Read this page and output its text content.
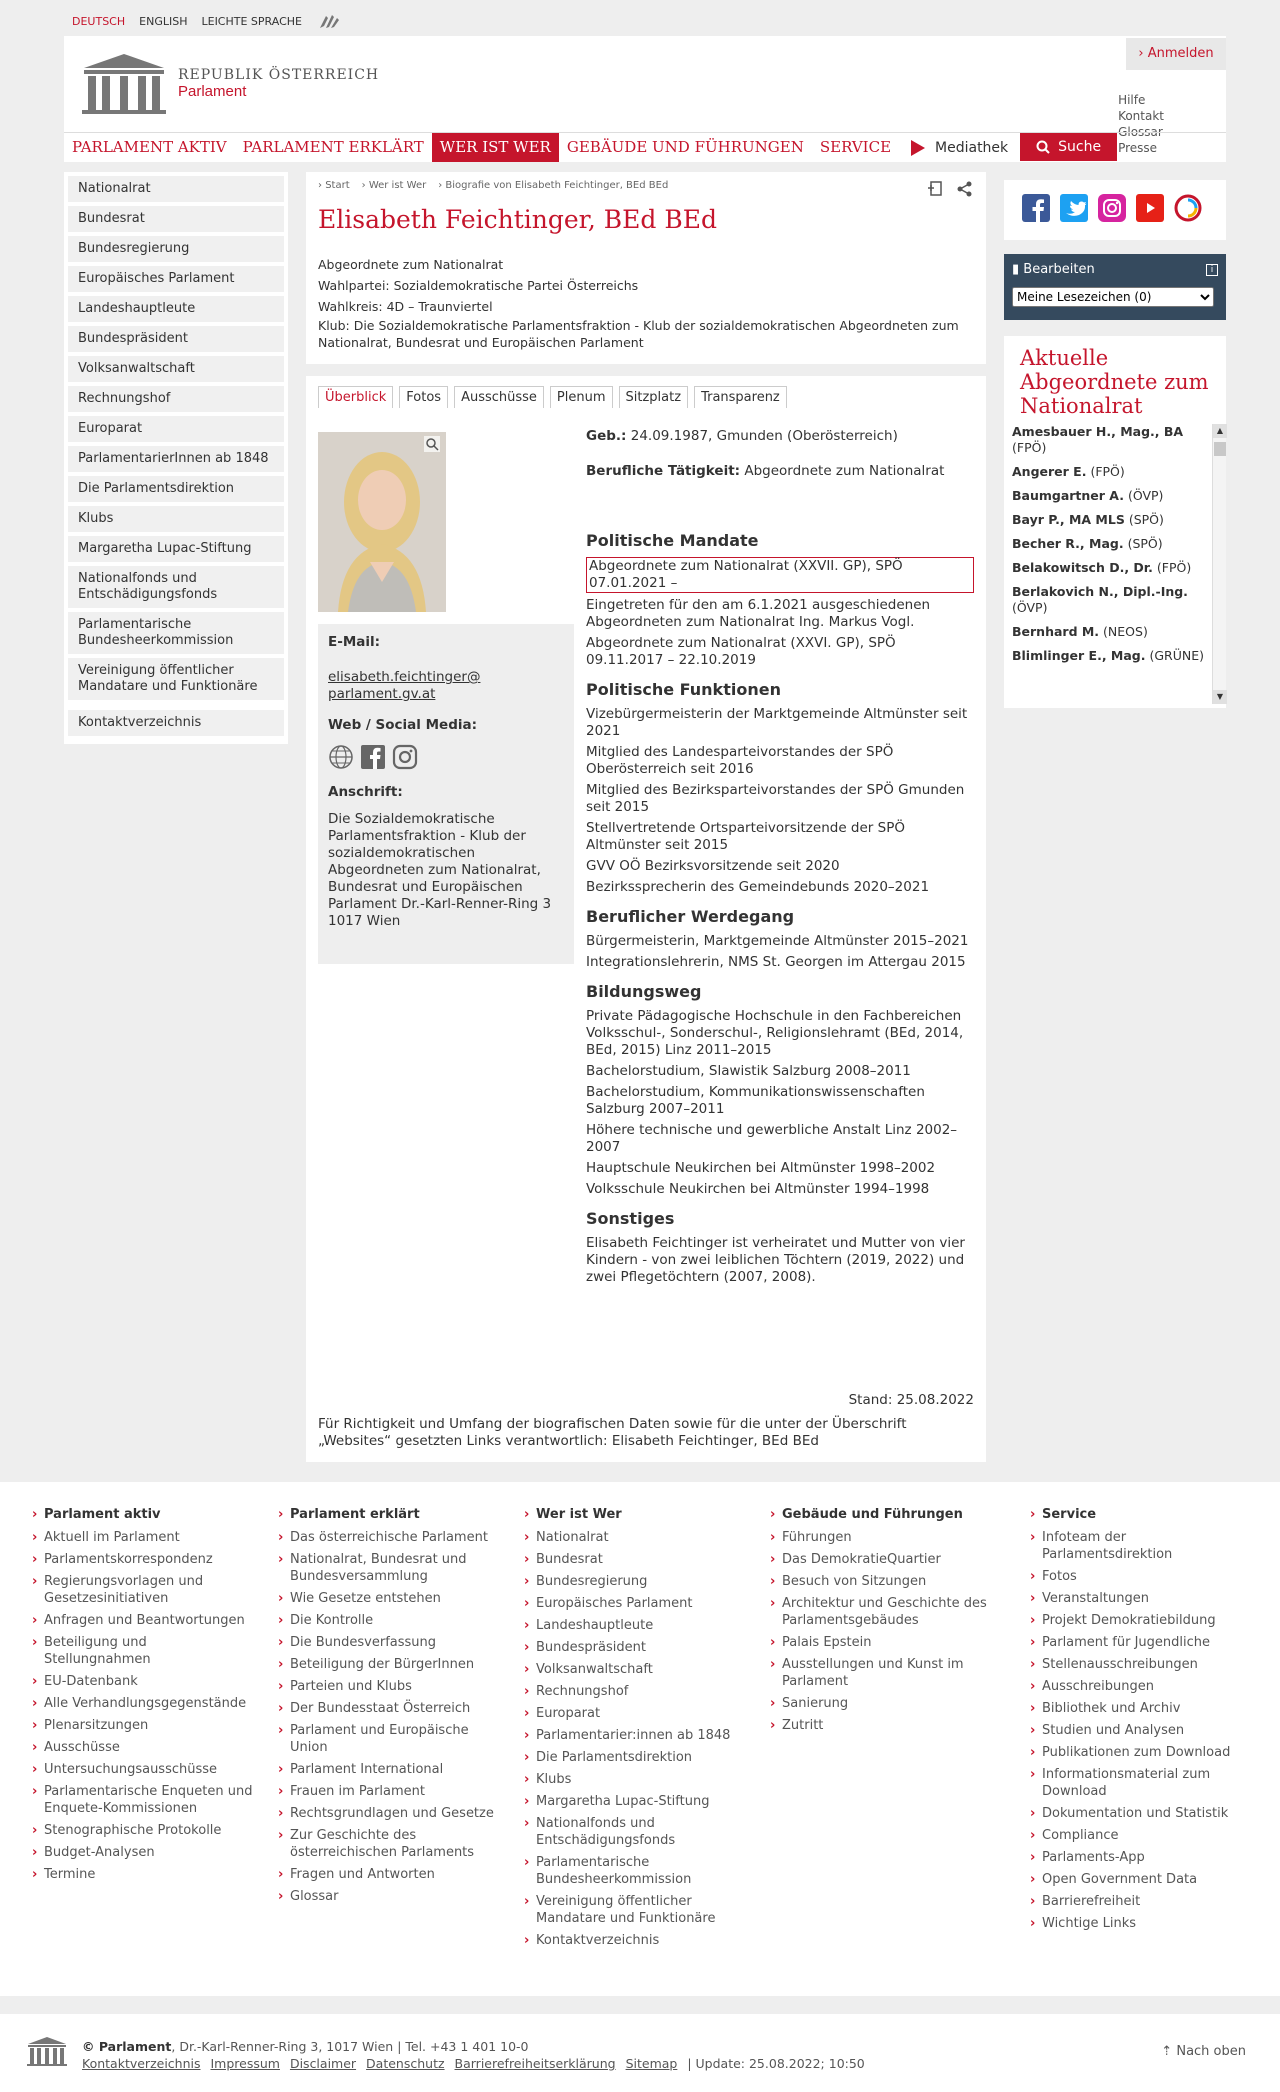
DEUTSCH ENGLISH LEICHTE SPRACHE
REPUBLIK ÖSTERREICH
Parlament
› Anmelden
Hilfe
Kontakt
Glossar
Presse
PARLAMENT AKTIV	PARLAMENT ERKLÄRT	WER IST WER	GEBÄUDE UND FÜHRUNGEN	SERVICE	Mediathek	Suche
Nationalrat
Bundesrat
Bundesregierung
Europäisches Parlament
Landeshauptleute
Bundespräsident
Volksanwaltschaft
Rechnungshof
Europarat
ParlamentarierInnen ab 1848
Die Parlamentsdirektion
Klubs
Margaretha Lupac-Stiftung
Nationalfonds und Entschädigungsfonds
Parlamentarische Bundesheerkommission
Vereinigung öffentlicher Mandatare und Funktionäre
Kontaktverzeichnis
› Start	› Wer ist Wer	› Biografie von Elisabeth Feichtinger, BEd BEd
Elisabeth Feichtinger, BEd BEd
Abgeordnete zum Nationalrat
Wahlpartei: Sozialdemokratische Partei Österreichs
Wahlkreis: 4D – Traunviertel
Klub: Die Sozialdemokratische Parlamentsfraktion - Klub der sozialdemokratischen Abgeordneten zum Nationalrat, Bundesrat und Europäischen Parlament
Überblick	Fotos	Ausschüsse	Plenum	Sitzplatz	Transparenz
E-Mail:
elisabeth.feichtinger@ parlament.gv.at
Web / Social Media:
Anschrift:
Die Sozialdemokratische Parlamentsfraktion - Klub der sozialdemokratischen Abgeordneten zum Nationalrat, Bundesrat und Europäischen Parlament Dr.-Karl-Renner-Ring 3 1017 Wien
Geb.: 24.09.1987, Gmunden (Oberösterreich)
Berufliche Tätigkeit: Abgeordnete zum Nationalrat
Politische Mandate
Abgeordnete zum Nationalrat (XXVII. GP), SPÖ 07.01.2021 –
Eingetreten für den am 6.1.2021 ausgeschiedenen Abgeordneten zum Nationalrat Ing. Markus Vogl.
Abgeordnete zum Nationalrat (XXVI. GP), SPÖ 09.11.2017 – 22.10.2019
Politische Funktionen
Vizebürgermeisterin der Marktgemeinde Altmünster seit 2021
Mitglied des Landesparteivorstandes der SPÖ Oberösterreich seit 2016
Mitglied des Bezirksparteivorstandes der SPÖ Gmunden seit 2015
Stellvertretende Ortsparteivorsitzende der SPÖ Altmünster seit 2015
GVV OÖ Bezirksvorsitzende seit 2020
Bezirkssprecherin des Gemeindebunds 2020–2021
Beruflicher Werdegang
Bürgermeisterin, Marktgemeinde Altmünster 2015–2021
Integrationslehrerin, NMS St. Georgen im Attergau 2015
Bildungsweg
Private Pädagogische Hochschule in den Fachbereichen Volksschul-, Sonderschul-, Religionslehramt (BEd, 2014, BEd, 2015) Linz 2011–2015
Bachelorstudium, Slawistik Salzburg 2008–2011
Bachelorstudium, Kommunikationswissenschaften Salzburg 2007–2011
Höhere technische und gewerbliche Anstalt Linz 2002–2007
Hauptschule Neukirchen bei Altmünster 1998–2002
Volksschule Neukirchen bei Altmünster 1994–1998
Sonstiges
Elisabeth Feichtinger ist verheiratet und Mutter von vier Kindern - von zwei leiblichen Töchtern (2019, 2022) und zwei Pflegetöchtern (2007, 2008).
Stand: 25.08.2022
Für Richtigkeit und Umfang der biografischen Daten sowie für die unter der Überschrift „Websites“ gesetzten Links verantwortlich: Elisabeth Feichtinger, BEd BEd
▮ Bearbeiten	i
Meine Lesezeichen (0)
Aktuelle Abgeordnete zum Nationalrat
Amesbauer H., Mag., BA (FPÖ)
Angerer E. (FPÖ)
Baumgartner A. (ÖVP)
Bayr P., MA MLS (SPÖ)
Becher R., Mag. (SPÖ)
Belakowitsch D., Dr. (FPÖ)
Berlakovich N., Dipl.-Ing. (ÖVP)
Bernhard M. (NEOS)
Blimlinger E., Mag. (GRÜNE)
▲
▼
› Parlament aktiv
› Aktuell im Parlament
› Parlamentskorrespondenz
› Regierungsvorlagen und Gesetzesinitiativen
› Anfragen und Beantwortungen
› Beteiligung und Stellungnahmen
› EU-Datenbank
› Alle Verhandlungsgegenstände
› Plenarsitzungen
› Ausschüsse
› Untersuchungsausschüsse
› Parlamentarische Enqueten und Enquete-Kommissionen
› Stenographische Protokolle
› Budget-Analysen
› Termine
› Parlament erklärt
› Das österreichische Parlament
› Nationalrat, Bundesrat und Bundesversammlung
› Wie Gesetze entstehen
› Die Kontrolle
› Die Bundesverfassung
› Beteiligung der BürgerInnen
› Parteien und Klubs
› Der Bundesstaat Österreich
› Parlament und Europäische Union
› Parlament International
› Frauen im Parlament
› Rechtsgrundlagen und Gesetze
› Zur Geschichte des österreichischen Parlaments
› Fragen und Antworten
› Glossar
› Wer ist Wer
› Nationalrat
› Bundesrat
› Bundesregierung
› Europäisches Parlament
› Landeshauptleute
› Bundespräsident
› Volksanwaltschaft
› Rechnungshof
› Europarat
› Parlamentarier:innen ab 1848
› Die Parlamentsdirektion
› Klubs
› Margaretha Lupac-Stiftung
› Nationalfonds und Entschädigungsfonds
› Parlamentarische Bundesheerkommission
› Vereinigung öffentlicher Mandatare und Funktionäre
› Kontaktverzeichnis
› Gebäude und Führungen
› Führungen
› Das DemokratieQuartier
› Besuch von Sitzungen
› Architektur und Geschichte des Parlamentsgebäudes
› Palais Epstein
› Ausstellungen und Kunst im Parlament
› Sanierung
› Zutritt
› Service
› Infoteam der Parlamentsdirektion
› Fotos
› Veranstaltungen
› Projekt Demokratiebildung
› Parlament für Jugendliche
› Stellenausschreibungen
› Ausschreibungen
› Bibliothek und Archiv
› Studien und Analysen
› Publikationen zum Download
› Informationsmaterial zum Download
› Dokumentation und Statistik
› Compliance
› Parlaments-App
› Open Government Data
› Barrierefreiheit
› Wichtige Links
© Parlament, Dr.-Karl-Renner-Ring 3, 1017 Wien | Tel. +43 1 401 10-0
Kontaktverzeichnis Impressum Disclaimer Datenschutz Barrierefreiheitserklärung Sitemap | Update: 25.08.2022; 10:50
⇡ Nach oben
